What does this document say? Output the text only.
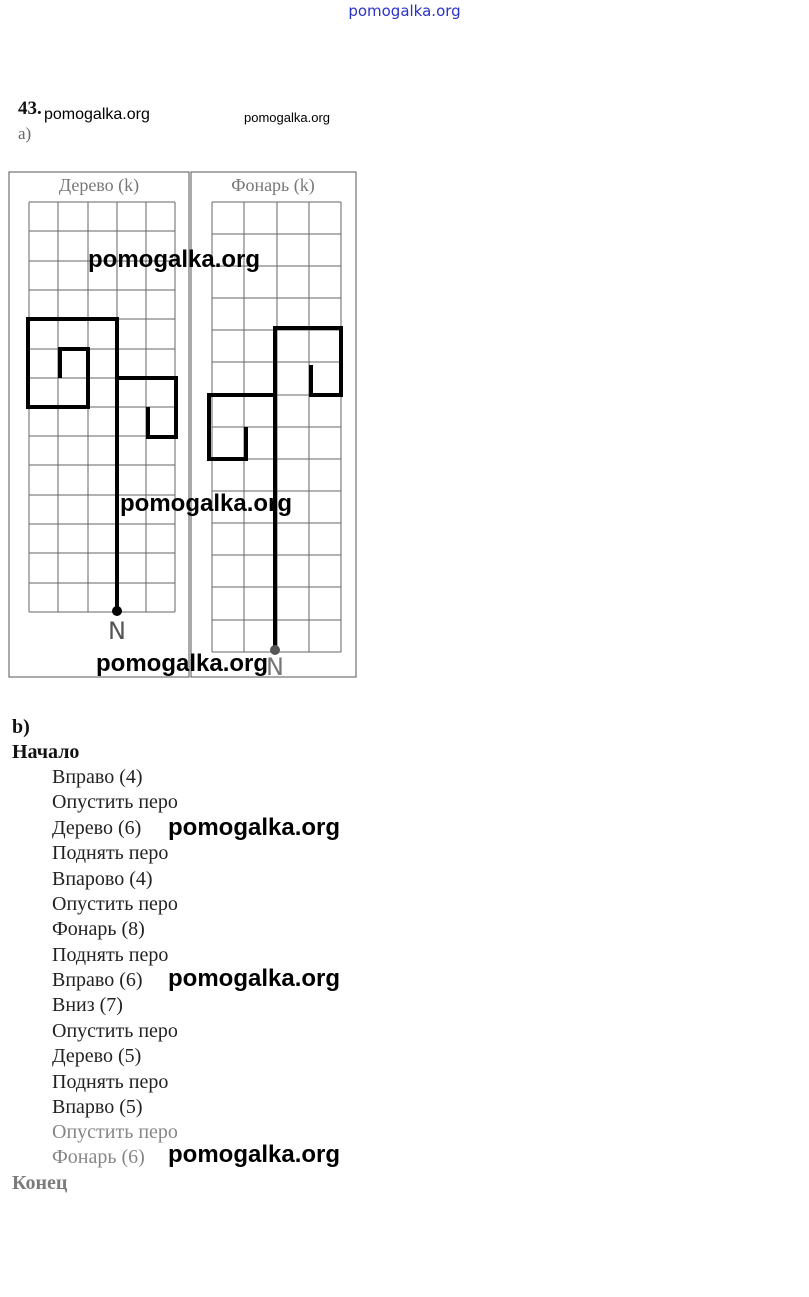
pomogalka.org
43.
a)
pomogalka.org	pomogalka.org
Дерево (k)	Фонарь (k)
N
N
pomogalka.org
pomogalka.org
pomogalka.org
b)
Начало
Вправо (4)
Опустить перо
Дерево (6)
Поднять перо
Впарово (4)
Опустить перо
Фонарь (8)
Поднять перо
Вправо (6)
Вниз (7)
Опустить перо
Дерево (5)
Поднять перо
Впарво (5)
Опустить перо
Фонарь (6)
Конец
pomogalka.org
pomogalka.org
pomogalka.org
